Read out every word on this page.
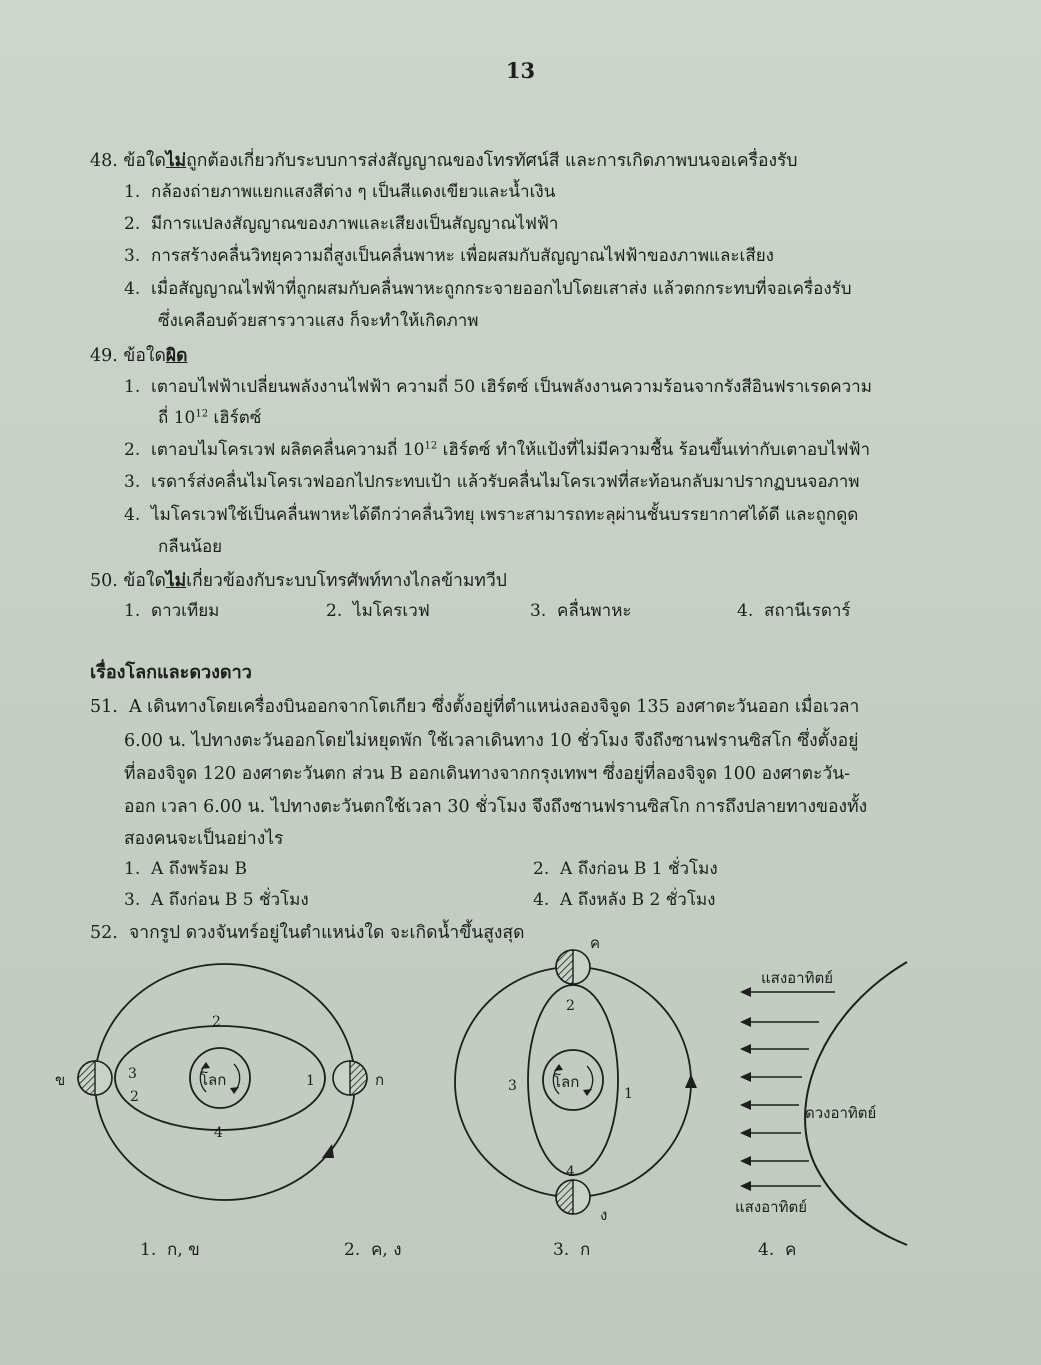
13
48. ข้อใดไม่ถูกต้องเกี่ยวกับระบบการส่งสัญญาณของโทรทัศน์สี และการเกิดภาพบนจอเครื่องรับ
1. กล้องถ่ายภาพแยกแสงสีต่าง ๆ เป็นสีแดงเขียวและน้ำเงิน
2. มีการแปลงสัญญาณของภาพและเสียงเป็นสัญญาณไฟฟ้า
3. การสร้างคลื่นวิทยุความถี่สูงเป็นคลื่นพาหะ เพื่อผสมกับสัญญาณไฟฟ้าของภาพและเสียง
4. เมื่อสัญญาณไฟฟ้าที่ถูกผสมกับคลื่นพาหะถูกกระจายออกไปโดยเสาส่ง แล้วตกกระทบที่จอเครื่องรับ
ซึ่งเคลือบด้วยสารวาวแสง ก็จะทำให้เกิดภาพ
49. ข้อใดผิด
1. เตาอบไฟฟ้าเปลี่ยนพลังงานไฟฟ้า ความถี่ 50 เฮิร์ตซ์ เป็นพลังงานความร้อนจากรังสีอินฟราเรดความ
ถี่ $10^{12}$ เฮิร์ตซ์
2. เตาอบไมโครเวฟ ผลิตคลื่นความถี่ $10^{12}$ เฮิร์ตซ์ ทำให้แป้งที่ไม่มีความชื้น ร้อนขึ้นเท่ากับเตาอบไฟฟ้า
3. เรดาร์ส่งคลื่นไมโครเวฟออกไปกระทบเป้า แล้วรับคลื่นไมโครเวฟที่สะท้อนกลับมาปรากฏบนจอภาพ
4. ไมโครเวฟใช้เป็นคลื่นพาหะได้ดีกว่าคลื่นวิทยุ เพราะสามารถทะลุผ่านชั้นบรรยากาศได้ดี และถูกดูด
กลืนน้อย
50. ข้อใดไม่เกี่ยวข้องกับระบบโทรศัพท์ทางไกลข้ามทวีป
1. ดาวเทียม	2. ไมโครเวฟ	3. คลื่นพาหะ	4. สถานีเรดาร์
เรื่องโลกและดวงดาว
51. A เดินทางโดยเครื่องบินออกจากโตเกียว ซึ่งตั้งอยู่ที่ตำแหน่งลองจิจูด 135 องศาตะวันออก เมื่อเวลา
6.00 น. ไปทางตะวันออกโดยไม่หยุดพัก ใช้เวลาเดินทาง 10 ชั่วโมง จึงถึงซานฟรานซิสโก ซึ่งตั้งอยู่
ที่ลองจิจูด 120 องศาตะวันตก ส่วน B ออกเดินทางจากกรุงเทพฯ ซึ่งอยู่ที่ลองจิจูด 100 องศาตะวัน-
ออก เวลา 6.00 น. ไปทางตะวันตกใช้เวลา 30 ชั่วโมง จึงถึงซานฟรานซิสโก การถึงปลายทางของทั้ง
สองคนจะเป็นอย่างไร
1. A ถึงพร้อม B	2. A ถึงก่อน B 1 ชั่วโมง
3. A ถึงก่อน B 5 ชั่วโมง	4. A ถึงหลัง B 2 ชั่วโมง
52. จากรูป ดวงจันทร์อยู่ในตำแหน่งใด จะเกิดน้ำขึ้นสูงสุด
โลก
2
3
2
1
4
ข	ก	โลก
2
3	1
4
ค
ง
แสงอาทิตย์
ดวงอาทิตย์
แสงอาทิตย์
1. ก, ข	2. ค, ง	3. ก	4. ค
